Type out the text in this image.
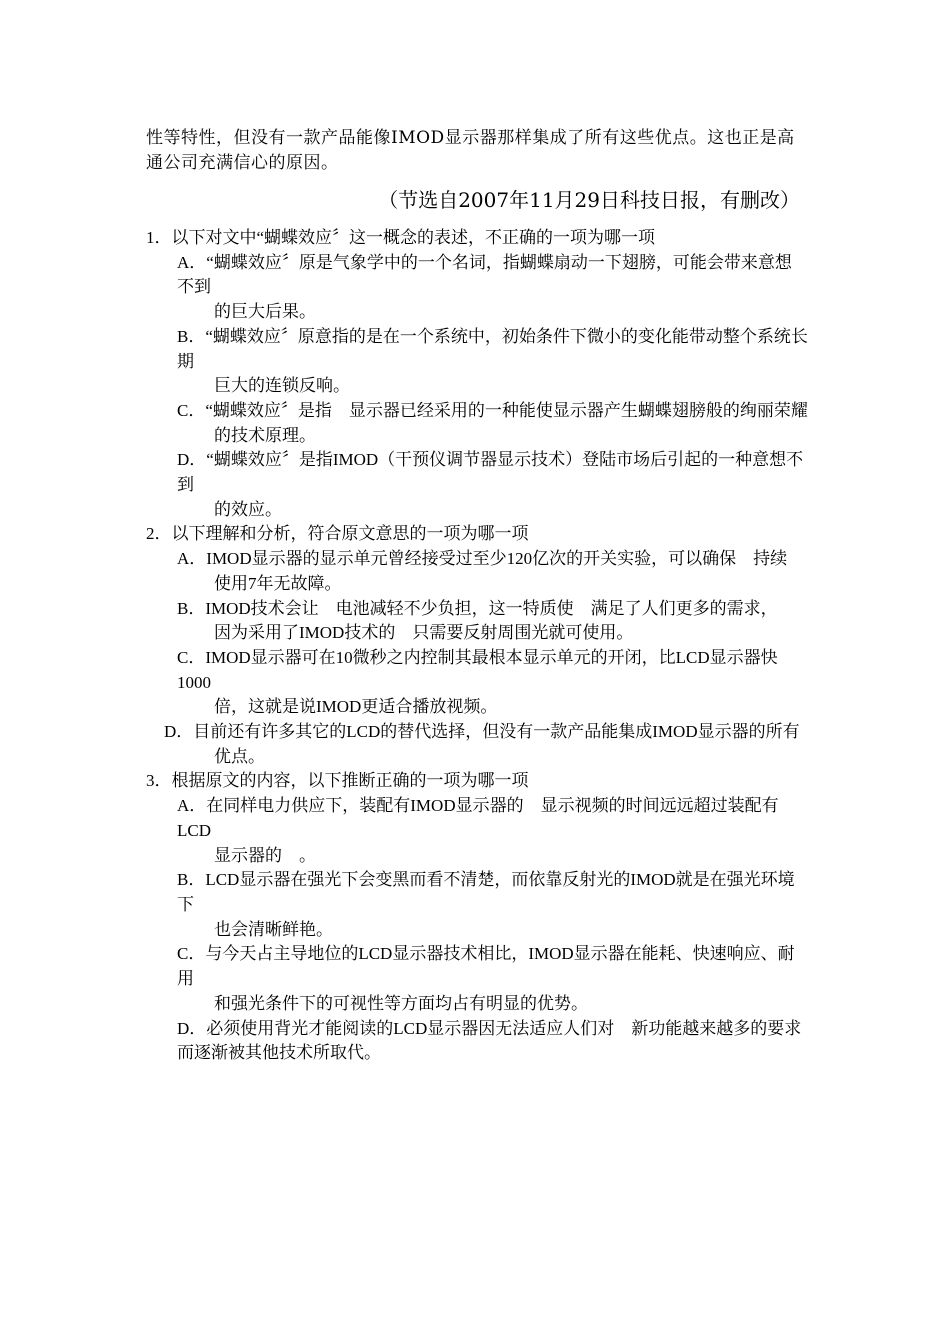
性等特性，但没有一款产品能像IMOD显示器那样集成了所有这些优点。这也正是高通公司充满信心的原因。
（节选自2007年11月29日科技日报，有删改）

1．以下对文中“蝴蝶效应〞这一概念的表述，不正确的一项为哪一项

A．“蝴蝶效应〞原是气象学中的一个名词，指蝴蝶扇动一下翅膀，可能会带来意想不到
的巨大后果。
B．“蝴蝶效应〞原意指的是在一个系统中，初始条件下微小的变化能带动整个系统长期
巨大的连锁反响。
C．“蝴蝶效应〞是指　显示器已经采用的一种能使显示器产生蝴蝶翅膀般的绚丽荣耀
的技术原理。
D．“蝴蝶效应〞是指IMOD（干预仪调节器显示技术）登陆市场后引起的一种意想不到
的效应。

2．以下理解和分析，符合原文意思的一项为哪一项

A．IMOD显示器的显示单元曾经接受过至少120亿次的开关实验，可以确保　持续
使用7年无故障。
B．IMOD技术会让　电池减轻不少负担，这一特质使　满足了人们更多的需求，
因为采用了IMOD技术的　只需要反射周围光就可使用。
C．IMOD显示器可在10微秒之内控制其最根本显示单元的开闭，比LCD显示器快1000
倍，这就是说IMOD更适合播放视频。
D．目前还有许多其它的LCD的替代选择，但没有一款产品能集成IMOD显示器的所有
优点。

3．根据原文的内容，以下推断正确的一项为哪一项

A．在同样电力供应下，装配有IMOD显示器的　显示视频的时间远远超过装配有LCD
显示器的　。
B．LCD显示器在强光下会变黑而看不清楚，而依靠反射光的IMOD就是在强光环境下
也会清晰鲜艳。
C．与今天占主导地位的LCD显示器技术相比，IMOD显示器在能耗、快速响应、耐用
和强光条件下的可视性等方面均占有明显的优势。
D．必须使用背光才能阅读的LCD显示器因无法适应人们对　新功能越来越多的要求而逐渐被其他技术所取代。
